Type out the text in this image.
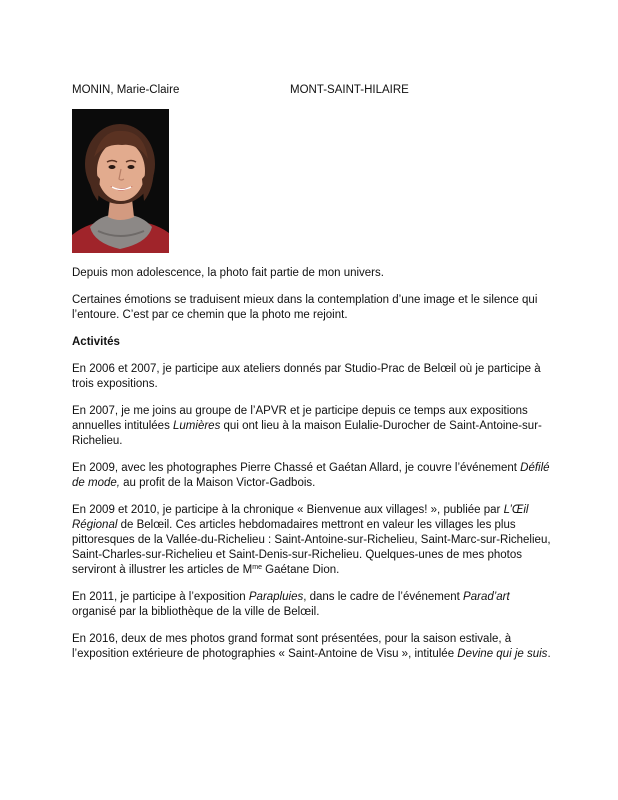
MONIN, Marie-Claire	MONT-SAINT-HILAIRE

Depuis mon adolescence, la photo fait partie de mon univers.

Certaines émotions se traduisent mieux dans la contemplation d’une image et le silence qui l’entoure. C’est par ce chemin que la photo me rejoint.

Activités

En 2006 et 2007, je participe aux ateliers donnés par Studio-Prac de Belœil où je participe à trois expositions.

En 2007, je me joins au groupe de l’APVR et je participe depuis ce temps aux expositions annuelles intitulées Lumières qui ont lieu à la maison Eulalie-Durocher de Saint-Antoine-sur-Richelieu.

En 2009, avec les photographes Pierre Chassé et Gaétan Allard, je couvre l’événement Défilé de mode, au profit de la Maison Victor-Gadbois.

En 2009 et 2010, je participe à la chronique « Bienvenue aux villages! », publiée par L’Œil Régional de Belœil. Ces articles hebdomadaires mettront en valeur les villages les plus pittoresques de la Vallée-du-Richelieu : Saint-Antoine-sur-Richelieu, Saint-Marc-sur-Richelieu, Saint-Charles-sur-Richelieu et Saint-Denis-sur-Richelieu. Quelques-unes de mes photos serviront à illustrer les articles de $M^{me}$ Gaétane Dion.

En 2011, je participe à l’exposition Parapluies, dans le cadre de l’événement Parad’art organisé par la bibliothèque de la ville de Belœil.

En 2016, deux de mes photos grand format sont présentées, pour la saison estivale, à l’exposition extérieure de photographies « Saint-Antoine de Visu », intitulée Devine qui je suis.
